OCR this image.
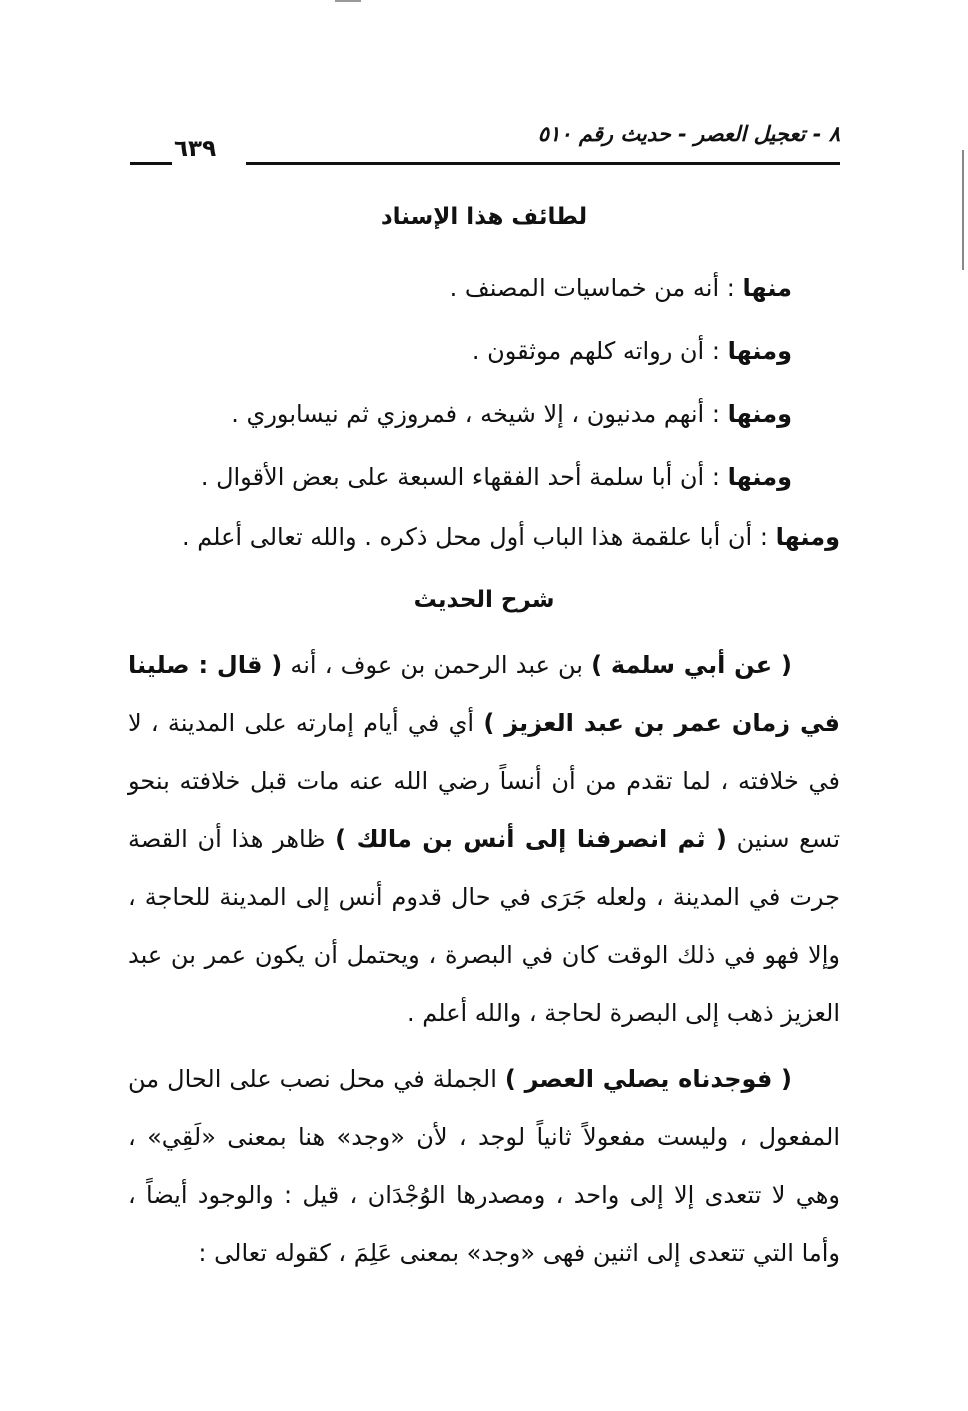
٨ - تعجيل العصر - حديث رقم ٥١٠
٦٣٩
لطائف هذا الإسناد
منها : أنه من خماسيات المصنف .
ومنها : أن رواته كلهم موثقون .
ومنها : أنهم مدنيون ، إلا شيخه ، فمروزي ثم نيسابوري .
ومنها : أن أبا سلمة أحد الفقهاء السبعة على بعض الأقوال .
ومنها : أن أبا علقمة هذا الباب أول محل ذكره . والله تعالى أعلم .
شرح الحديث

( عن أبي سلمة ) بن عبد الرحمن بن عوف ، أنه ( قال : صلينا في زمان عمر بن عبد العزيز ) أي في أيام إمارته على المدينة ، لا في خلافته ، لما تقدم من أن أنساً رضي الله عنه مات قبل خلافته بنحو تسع سنين ( ثم انصرفنا إلى أنس بن مالك ) ظاهر هذا أن القصة جرت في المدينة ، ولعله جَرَى في حال قدوم أنس إلى المدينة للحاجة ، وإلا فهو في ذلك الوقت كان في البصرة ، ويحتمل أن يكون عمر بن عبد العزيز ذهب إلى البصرة لحاجة ، والله أعلم .

( فوجدناه يصلي العصر ) الجملة في محل نصب على الحال من المفعول ، وليست مفعولاً ثانياً لوجد ، لأن «وجد» هنا بمعنى «لَقِي» ، وهي لا تتعدى إلا إلى واحد ، ومصدرها الوُجْدَان ، قيل : والوجود أيضاً ، وأما التي تتعدى إلى اثنين فهى «وجد» بمعنى عَلِمَ ، كقوله تعالى :
